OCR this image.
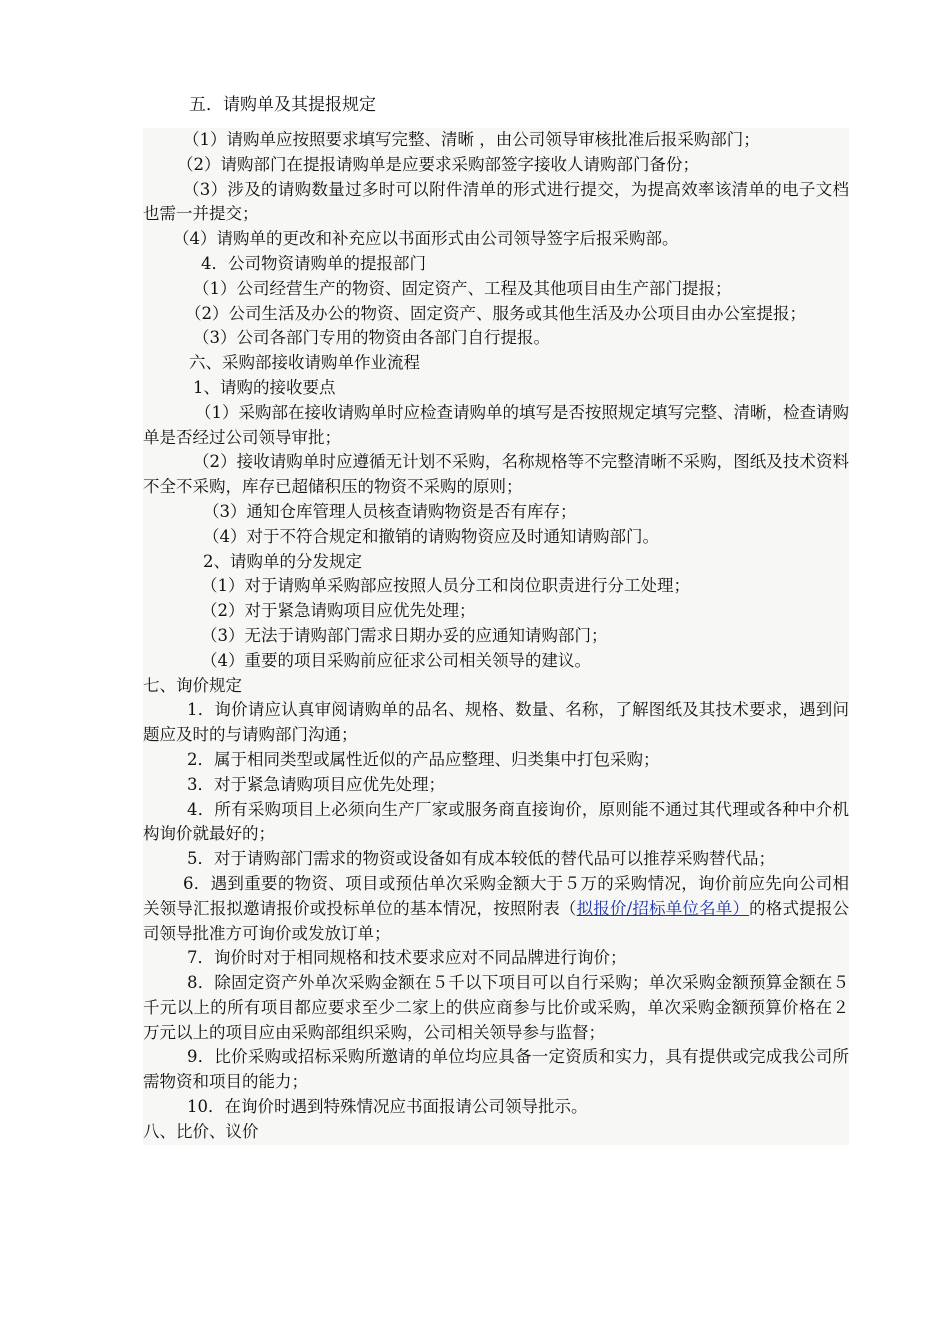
五．请购单及其提报规定
（1）请购单应按照要求填写完整、清晰 ，由公司领导审核批准后报采购部门；
（2）请购部门在提报请购单是应要求采购部签字接收人请购部门备份；
（3）涉及的请购数量过多时可以附件清单的形式进行提交，为提高效率该清单的电子文档也需一并提交；
（4）请购单的更改和补充应以书面形式由公司领导签字后报采购部。
4．公司物资请购单的提报部门
（1）公司经营生产的物资、固定资产、工程及其他项目由生产部门提报；
（2）公司生活及办公的物资、固定资产、服务或其他生活及办公项目由办公室提报；
（3）公司各部门专用的物资由各部门自行提报。
六、采购部接收请购单作业流程
1、请购的接收要点
（1）采购部在接收请购单时应检查请购单的填写是否按照规定填写完整、清晰，检查请购单是否经过公司领导审批；
（2）接收请购单时应遵循无计划不采购，名称规格等不完整清晰不采购，图纸及技术资料不全不采购，库存已超储积压的物资不采购的原则；
（3）通知仓库管理人员核查请购物资是否有库存；
（4）对于不符合规定和撤销的请购物资应及时通知请购部门。
2、请购单的分发规定
（1）对于请购单采购部应按照人员分工和岗位职责进行分工处理；
（2）对于紧急请购项目应优先处理；
（3）无法于请购部门需求日期办妥的应通知请购部门；
（4）重要的项目采购前应征求公司相关领导的建议。
七、询价规定
1．询价请应认真审阅请购单的品名、规格、数量、名称，了解图纸及其技术要求，遇到问题应及时的与请购部门沟通；
2．属于相同类型或属性近似的产品应整理、归类集中打包采购；
3．对于紧急请购项目应优先处理；
4．所有采购项目上必须向生产厂家或服务商直接询价，原则能不通过其代理或各种中介机构询价就最好的；
5．对于请购部门需求的物资或设备如有成本较低的替代品可以推荐采购替代品；
6．遇到重要的物资、项目或预估单次采购金额大于５万的采购情况，询价前应先向公司相关领导汇报拟邀请报价或投标单位的基本情况，按照附表（拟报价/招标单位名单）的格式提报公司领导批准方可询价或发放订单；
7．询价时对于相同规格和技术要求应对不同品牌进行询价；
8．除固定资产外单次采购金额在５千以下项目可以自行采购；单次采购金额预算金额在５千元以上的所有项目都应要求至少二家上的供应商参与比价或采购，单次采购金额预算价格在２万元以上的项目应由采购部组织采购，公司相关领导参与监督；
9．比价采购或招标采购所邀请的单位均应具备一定资质和实力，具有提供或完成我公司所需物资和项目的能力；
10．在询价时遇到特殊情况应书面报请公司领导批示。
八、比价、议价
